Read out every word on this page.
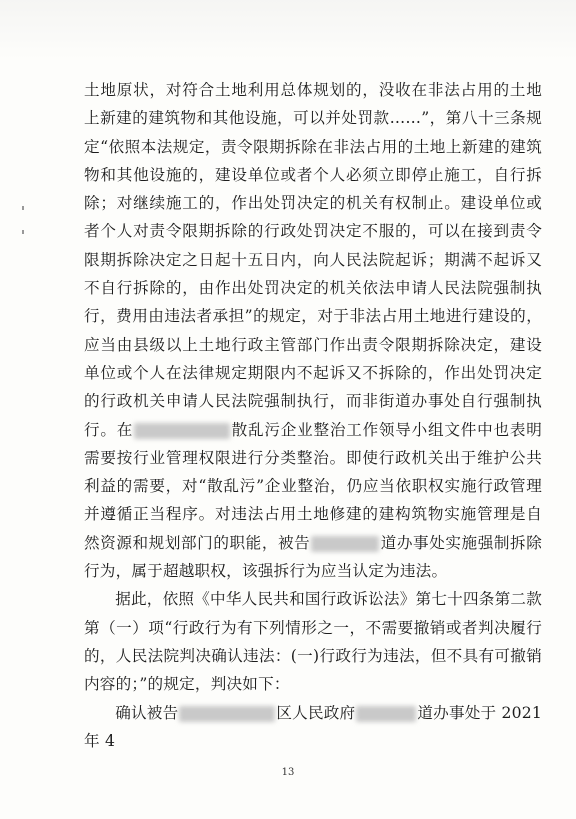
土地原状，对符合土地利用总体规划的，没收在非法占用的土地上新建的建筑物和其他设施，可以并处罚款……”，第八十三条规定“依照本法规定，责令限期拆除在非法占用的土地上新建的建筑物和其他设施的，建设单位或者个人必须立即停止施工，自行拆除；对继续施工的，作出处罚决定的机关有权制止。建设单位或者个人对责令限期拆除的行政处罚决定不服的，可以在接到责令限期拆除决定之日起十五日内，向人民法院起诉；期满不起诉又不自行拆除的，由作出处罚决定的机关依法申请人民法院强制执行，费用由违法者承担”的规定，对于非法占用土地进行建设的，应当由县级以上土地行政主管部门作出责令限期拆除决定，建设单位或个人在法律规定期限内不起诉又不拆除的，作出处罚决定的行政机关申请人民法院强制执行，而非街道办事处自行强制执行。在	散乱污企业整治工作领导小组文件中也表明需要按行业管理权限进行分类整治。即使行政机关出于维护公共利益的需要，对“散乱污”企业整治，仍应当依职权实施行政管理并遵循正当程序。对违法占用土地修建的建构筑物实施管理是自然资源和规划部门的职能，被告	道办事处实施强制拆除行为，属于超越职权，该强拆行为应当认定为违法。

据此，依照《中华人民共和国行政诉讼法》第七十四条第二款第（一）项“行政行为有下列情形之一，不需要撤销或者判决履行的，人民法院判决确认违法：(一)行政行为违法，但不具有可撤销内容的；”的规定，判决如下：

确认被告	区人民政府	道办事处于 2021 年 4

13
